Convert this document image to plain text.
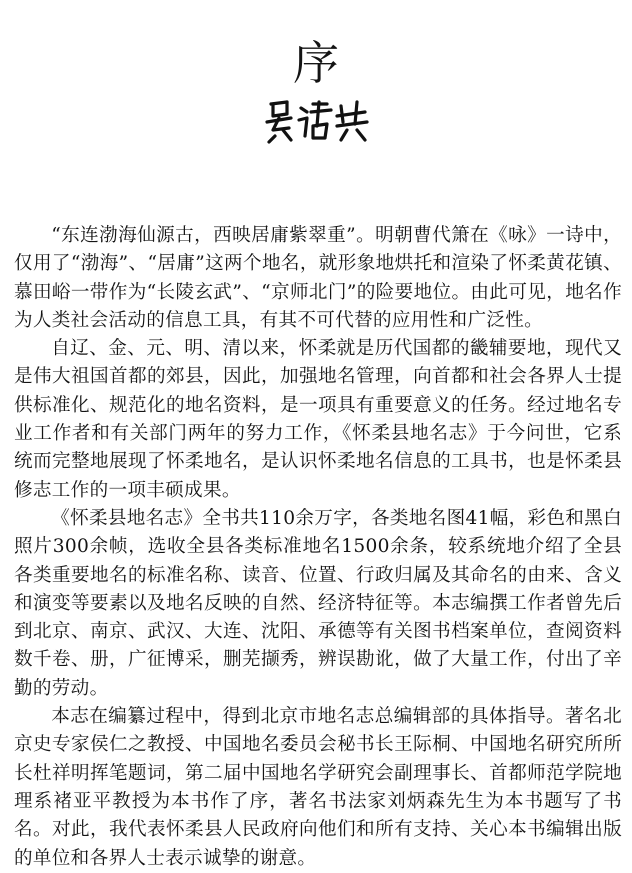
序

“东连渤海仙源古，西映居庸紫翠重”。明朝曹代箫在《咏》一诗中，仅用了“渤海”、“居庸”这两个地名，就形象地烘托和渲染了怀柔黄花镇、慕田峪一带作为“长陵玄武”、“京师北门”的险要地位。由此可见，地名作为人类社会活动的信息工具，有其不可代替的应用性和广泛性。

自辽、金、元、明、清以来，怀柔就是历代国都的畿辅要地，现代又是伟大祖国首都的郊县，因此，加强地名管理，向首都和社会各界人士提供标准化、规范化的地名资料，是一项具有重要意义的任务。经过地名专业工作者和有关部门两年的努力工作，《怀柔县地名志》于今问世，它系统而完整地展现了怀柔地名，是认识怀柔地名信息的工具书，也是怀柔县修志工作的一项丰硕成果。

《怀柔县地名志》全书共110余万字，各类地名图41幅，彩色和黑白照片300余帧，选收全县各类标准地名1500余条，较系统地介绍了全县各类重要地名的标准名称、读音、位置、行政归属及其命名的由来、含义和演变等要素以及地名反映的自然、经济特征等。本志编撰工作者曾先后到北京、南京、武汉、大连、沈阳、承德等有关图书档案单位，查阅资料数千卷、册，广征博采，删芜撷秀，辨误勘讹，做了大量工作，付出了辛勤的劳动。

本志在编纂过程中，得到北京市地名志总编辑部的具体指导。著名北京史专家侯仁之教授、中国地名委员会秘书长王际桐、中国地名研究所所长杜祥明挥笔题词，第二届中国地名学研究会副理事长、首都师范学院地理系褚亚平教授为本书作了序，著名书法家刘炳森先生为本书题写了书名。对此，我代表怀柔县人民政府向他们和所有支持、关心本书编辑出版的单位和各界人士表示诚挚的谢意。
